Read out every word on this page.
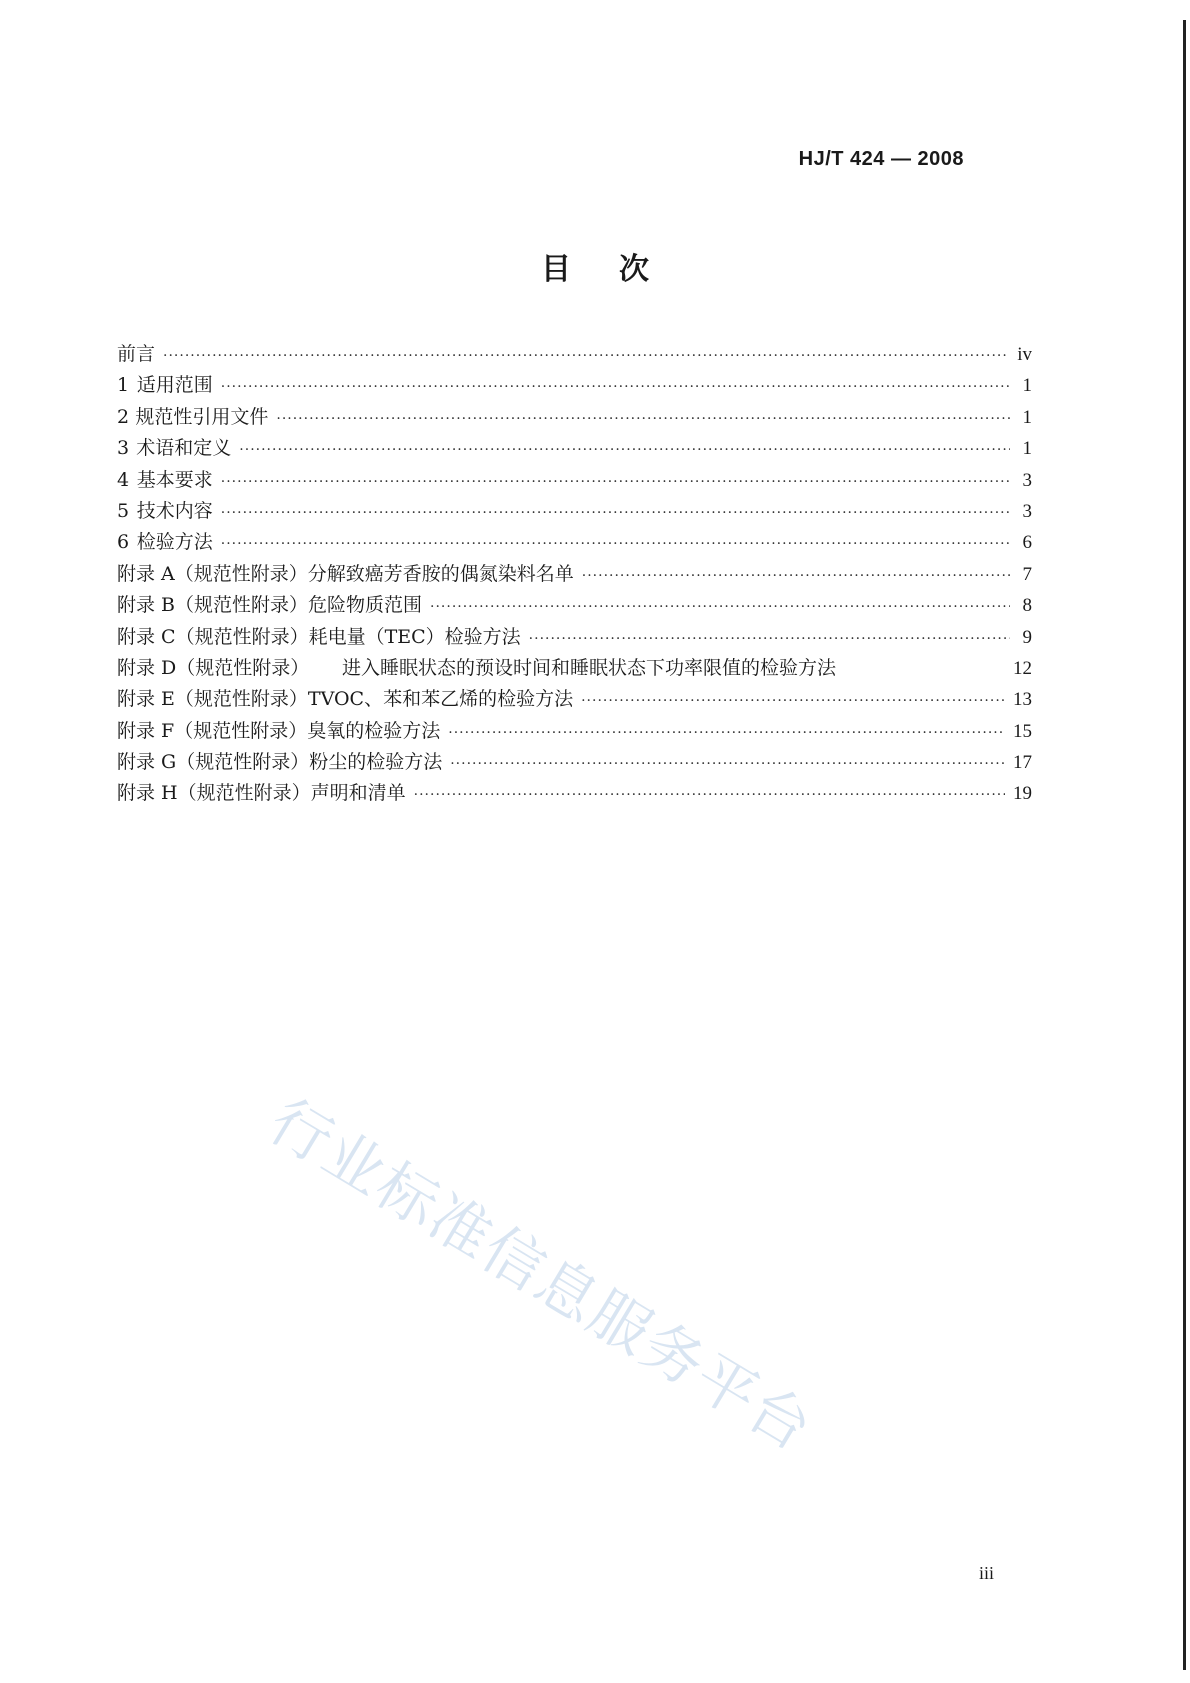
HJ/T 424 — 2008
目次
前言 ·····	iv
1 适用范围 ·····	1
2 规范性引用文件 ·····	1
3 术语和定义 ·····	1
4 基本要求 ·····	3
5 技术内容 ·····	3
6 检验方法 ·····	6
附录 A（规范性附录） 分解致癌芳香胺的偶氮染料名单 ·····	7
附录 B（规范性附录） 危险物质范围 ·····	8
附录 C（规范性附录） 耗电量（TEC）检验方法 ·····	9
附录 D（规范性附录）	进入睡眠状态的预设时间和睡眠状态下功率限值的检验方法	12
附录 E（规范性附录） TVOC、苯和苯乙烯的检验方法 ·····	13
附录 F（规范性附录） 臭氧的检验方法 ·····	15
附录 G（规范性附录） 粉尘的检验方法 ·····	17
附录 H（规范性附录） 声明和清单 ·····	19
行业标准信息服务平台
iii
